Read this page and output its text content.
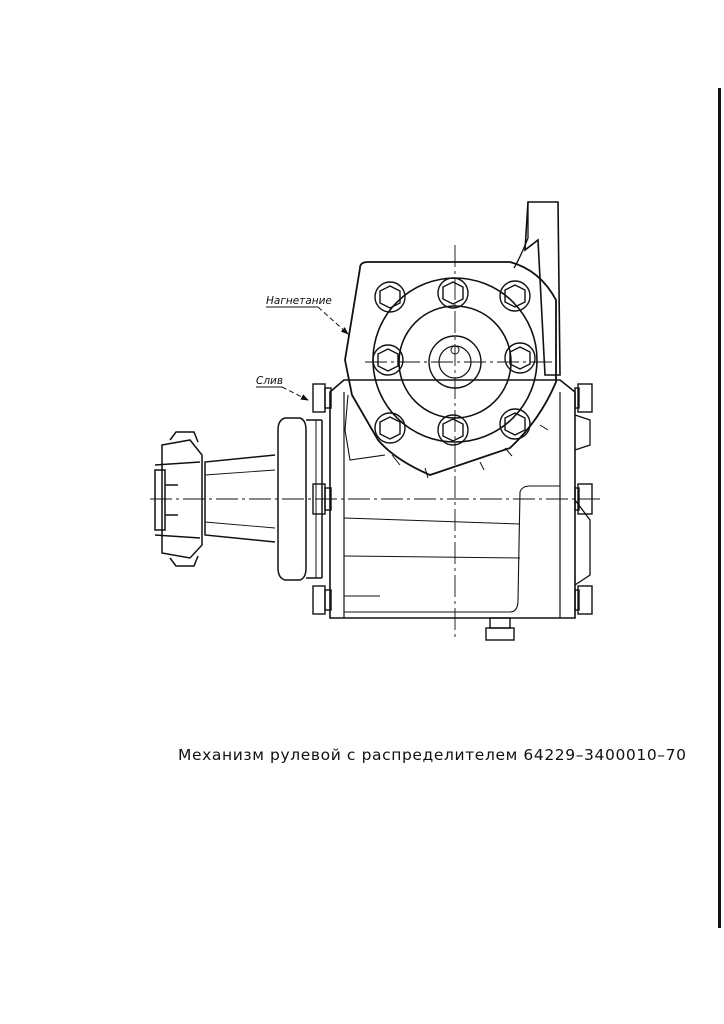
Нагнетание
Слив
Механизм рулевой с распределителем 64229–3400010–70
